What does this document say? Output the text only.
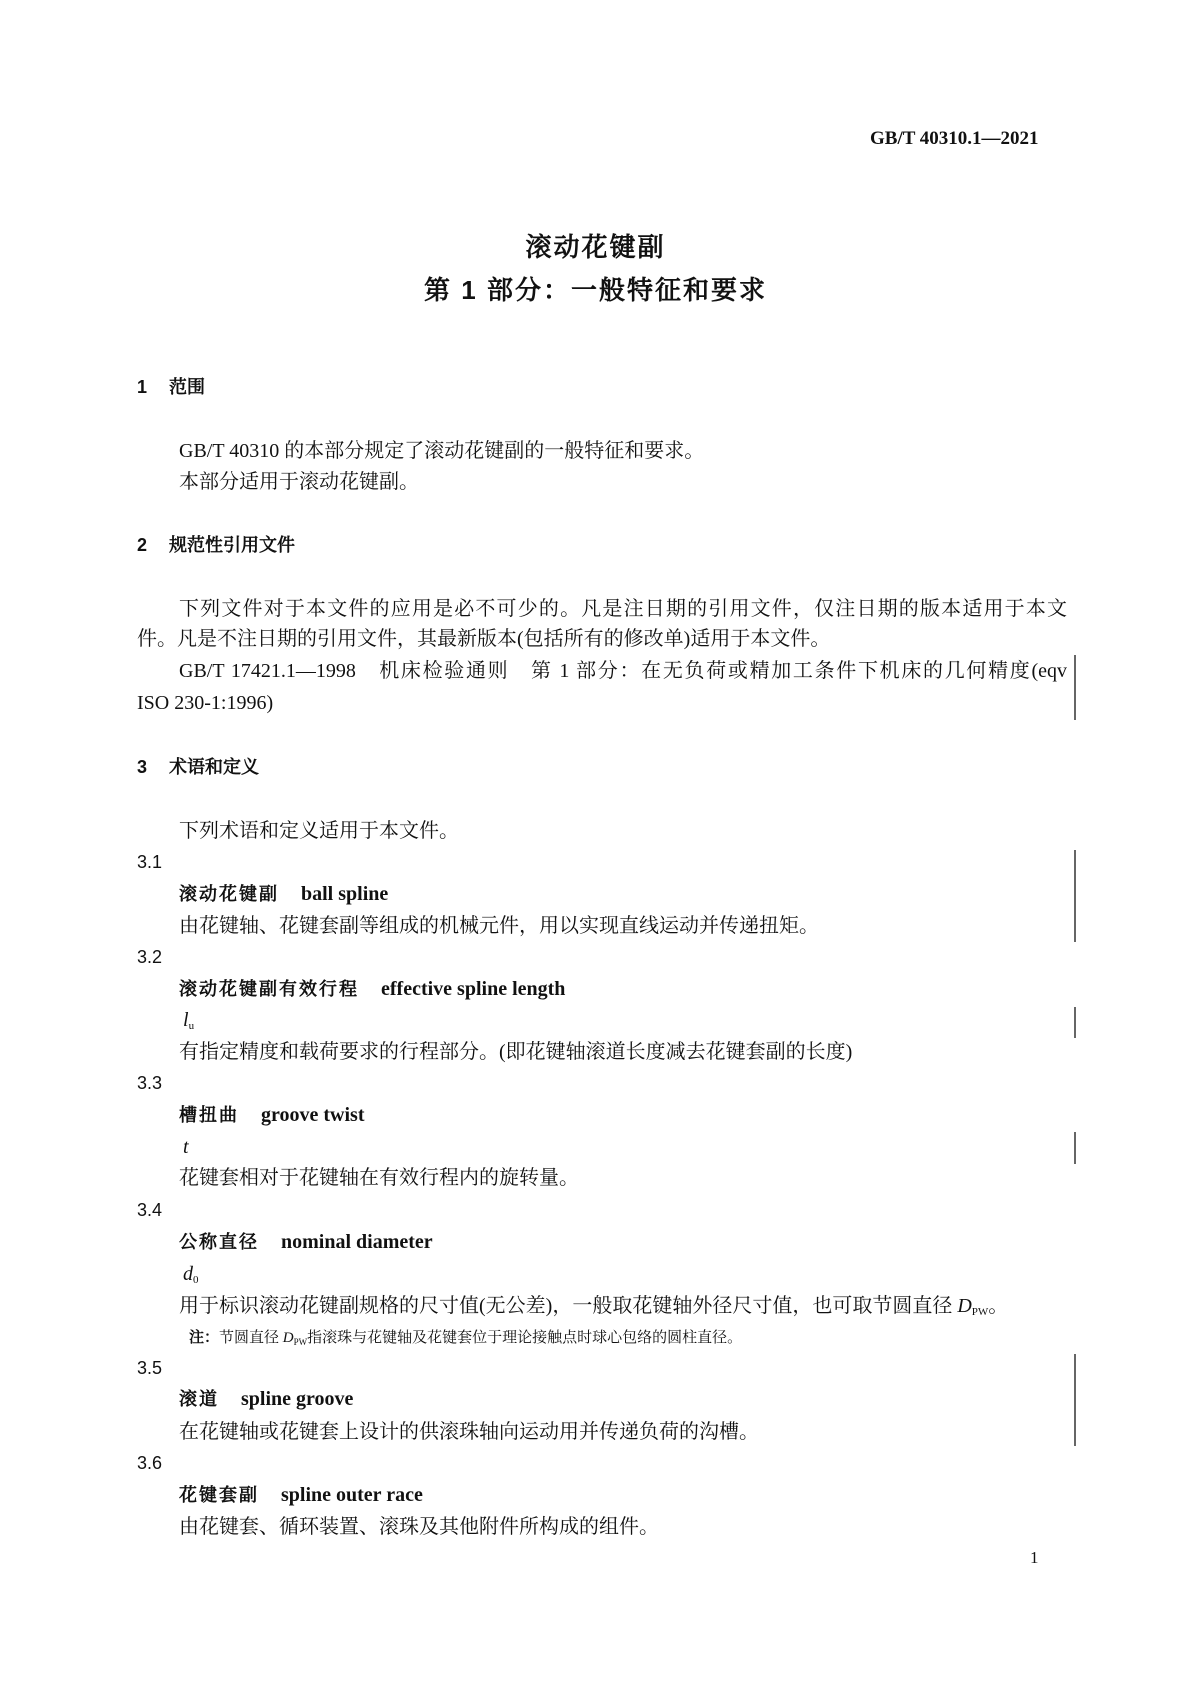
GB/T 40310.1—2021
滚动花键副
第 1 部分：一般特征和要求
1 范围
GB/T 40310 的本部分规定了滚动花键副的一般特征和要求。
本部分适用于滚动花键副。
2 规范性引用文件
下列文件对于本文件的应用是必不可少的。凡是注日期的引用文件，仅注日期的版本适用于本文
件。凡是不注日期的引用文件，其最新版本(包括所有的修改单)适用于本文件。
GB/T 17421.1—1998　机床检验通则　第 1 部分：在无负荷或精加工条件下机床的几何精度(eqv
ISO 230-1:1996)
3 术语和定义
下列术语和定义适用于本文件。
3.1
滚动花键副 ball spline
由花键轴、花键套副等组成的机械元件，用以实现直线运动并传递扭矩。
3.2
滚动花键副有效行程 effective spline length
$l_u$
有指定精度和载荷要求的行程部分。(即花键轴滚道长度减去花键套副的长度)
3.3
槽扭曲 groove twist
t
花键套相对于花键轴在有效行程内的旋转量。
3.4
公称直径 nominal diameter
$d_0$
用于标识滚动花键副规格的尺寸值(无公差)，一般取花键轴外径尺寸值，也可取节圆直径 $D_{PW}$。
注：节圆直径 $D_{PW}$指滚珠与花键轴及花键套位于理论接触点时球心包络的圆柱直径。
3.5
滚道 spline groove
在花键轴或花键套上设计的供滚珠轴向运动用并传递负荷的沟槽。
3.6
花键套副 spline outer race
由花键套、循环装置、滚珠及其他附件所构成的组件。
1
